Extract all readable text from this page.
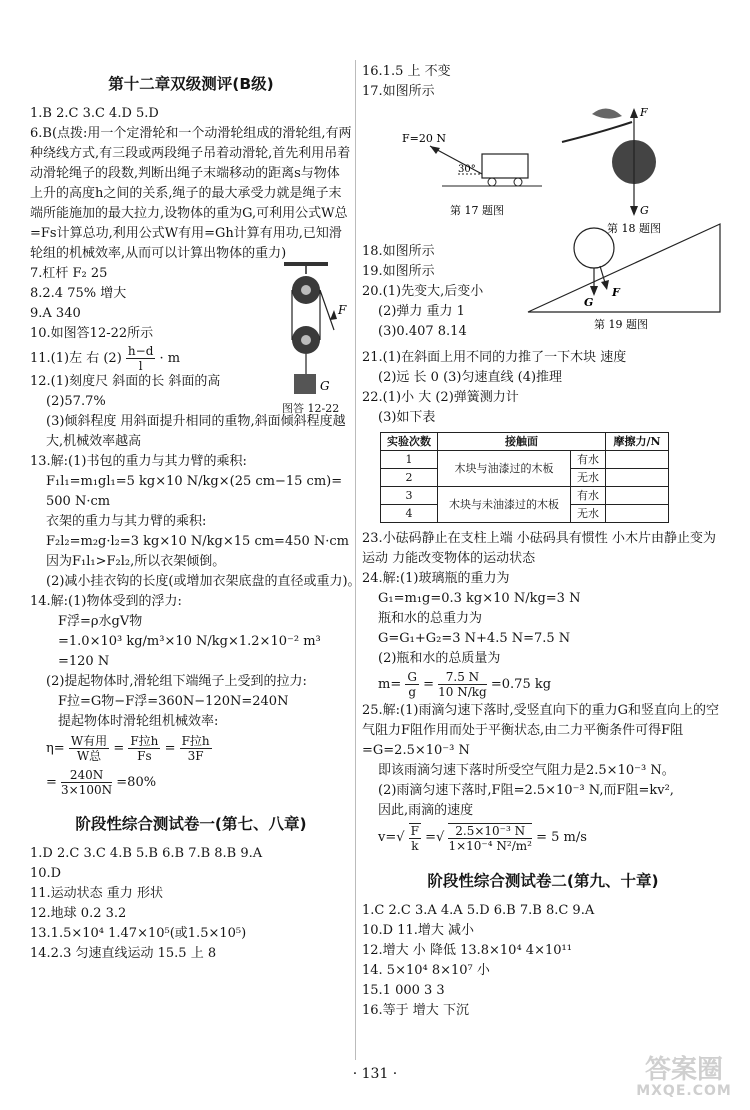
第十二章双级测评(B级)
1.B 2.C 3.C 4.D 5.D
6.B(点拨:用一个定滑轮和一个动滑轮组成的滑轮组,有两种绕线方式,有三段或两段绳子吊着动滑轮,首先利用吊着动滑轮绳子的段数,判断出绳子末端移动的距离s与物体上升的高度h之间的关系,绳子的最大承受力就是绳子末端所能施加的最大拉力,设物体的重为G,可利用公式W总=Fs计算总功,利用公式W有用=Gh计算有用功,已知滑轮组的机械效率,从而可以计算出物体的重力)
7.杠杆 F₂ 25
8.2.4 75% 增大
9.A 340
10.如图答12-22所示
11.(1)左 右 $(2) \frac{h-d}{l} \cdot m$
F
G
图答 12-22
12.(1)刻度尺 斜面的长 斜面的高
(2)57.7%
(3)倾斜程度 用斜面提升相同的重物,斜面倾斜程度越大,机械效率越高
13.解:(1)书包的重力与其力臂的乘积:
F₁l₁=m₁gl₁=5 kg×10 N/kg×(25 cm−15 cm)=
500 N·cm
衣架的重力与其力臂的乘积:
F₂l₂=m₂g·l₂=3 kg×10 N/kg×15 cm=450 N·cm
因为F₁l₁>F₂l₂,所以衣架倾倒。
(2)减小挂衣钩的长度(或增加衣架底盘的直径或重力)。
14.解:(1)物体受到的浮力:
F浮=ρ水gV物
=1.0×10³ kg/m³×10 N/kg×1.2×10⁻² m³
=120 N
(2)提起物体时,滑轮组下端绳子上受到的拉力:
F拉=G物−F浮=360N−120N=240N
提起物体时滑轮组机械效率:
$\eta= \frac{\text{W有用}}{\text{W总}} = \frac{\text{F拉h}}{Fs} = \frac{\text{F拉h}}{3F}$
= $\frac{240N}{3\times 100N} =80\%$
阶段性综合测试卷一(第七、八章)
1.D 2.C 3.C 4.B 5.B 6.B 7.B 8.B 9.A
10.D
11.运动状态 重力 形状
12.地球 0.2 3.2
13.1.5×10⁴ 1.47×10⁵(或1.5×10⁵)
14.2.3 匀速直线运动 15.5 上 8
16.1.5 上 不变
17.如图所示
F=20 N
30°
第 17 题图
F
G
第 18 题图
18.如图所示
19.如图所示
20.(1)先变大,后变小
(2)弹力 重力 1
(3)0.407 8.14
G
F
第 19 题图
21.(1)在斜面上用不同的力推了一下木块 速度
(2)远 长 0 (3)匀速直线 (4)推理
22.(1)小 大 (2)弹簧测力计
(3)如下表
实验次数	接触面		摩擦力/N
1	木块与油漆过的木板	有水	
2		无水	
3	木块与未油漆过的木板	有水	
4		无水	
23.小砝码静止在支柱上端 小砝码具有惯性 小木片由静止变为运动 力能改变物体的运动状态
24.解:(1)玻璃瓶的重力为
G₁=m₁g=0.3 kg×10 N/kg=3 N
瓶和水的总重力为
G=G₁+G₂=3 N+4.5 N=7.5 N
(2)瓶和水的总质量为
$m= \frac{G}{g} = \frac{7.5 N}{10 N/kg} =0.75$ kg
25.解:(1)雨滴匀速下落时,受竖直向下的重力G和竖直向上的空气阻力F阻作用而处于平衡状态,由二力平衡条件可得F阻=G=2.5×10⁻³ N
即该雨滴匀速下落时所受空气阻力是2.5×10⁻³ N。
(2)雨滴匀速下落时,F阻=2.5×10⁻³ N,而F阻=kv²,
因此,雨滴的速度
$v=√ \frac{F}{k}$ =√ $\frac{\text{2.5×10⁻³ N}}{\text{1×10⁻⁴ N²/m²}} = 5$ m/s
阶段性综合测试卷二(第九、十章)
1.C 2.C 3.A 4.A 5.D 6.B 7.B 8.C 9.A
10.D 11.增大 减小
12.增大 小 降低 13.8×10⁴ 4×10¹¹
14. 5×10⁴ 8×10⁷ 小
15.1 000 3 3
16.等于 增大 下沉
· 131 ·	答案圈
MXQE.COM
